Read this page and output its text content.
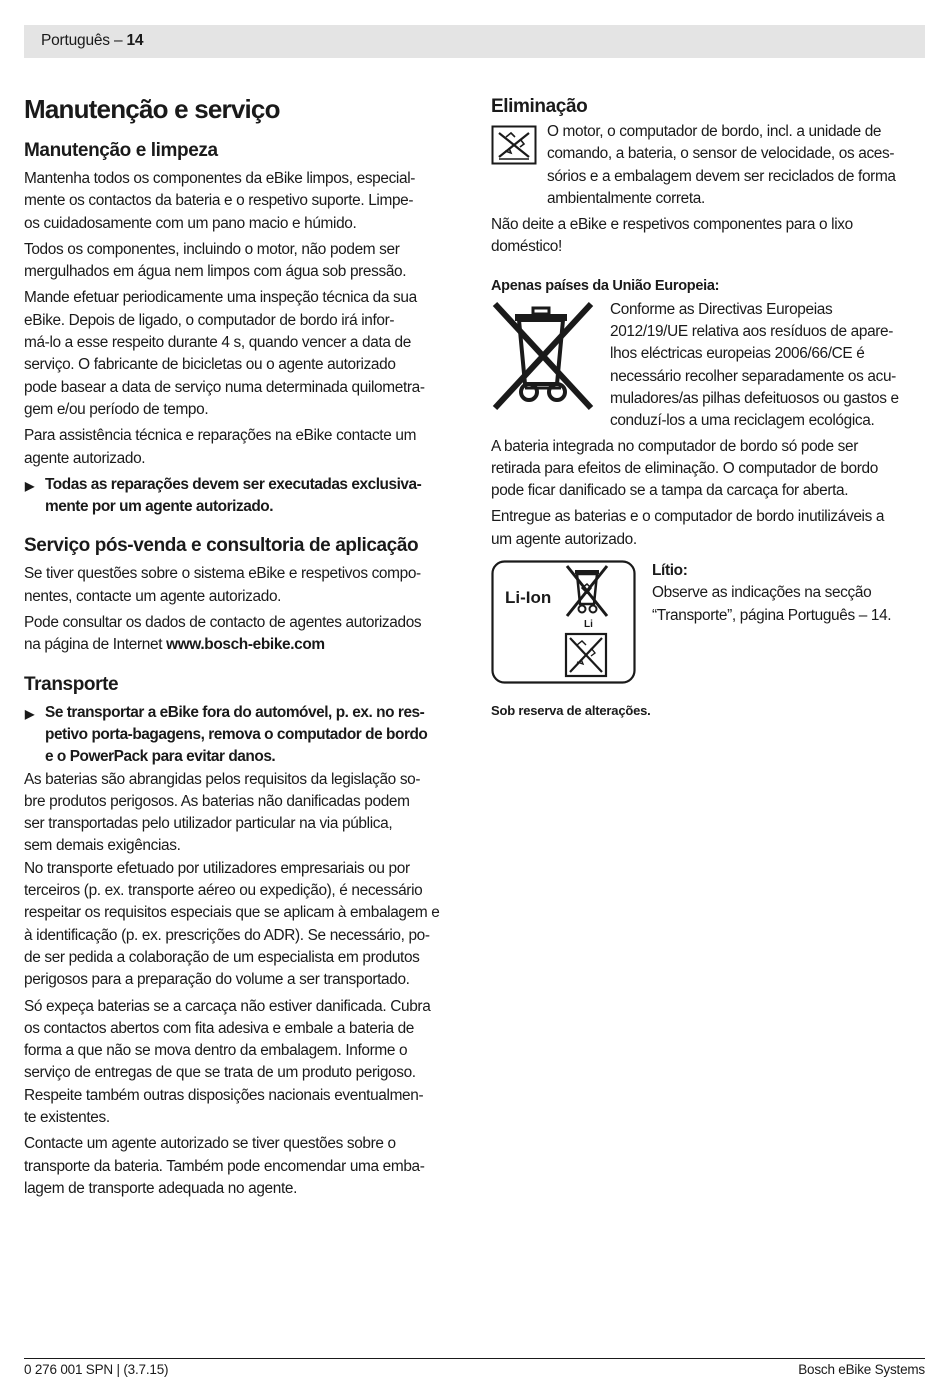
Português – 14
Manutenção e serviço
Manutenção e limpeza
Mantenha todos os componentes da eBike limpos, especial-
mente os contactos da bateria e o respetivo suporte. Limpe-
os cuidadosamente com um pano macio e húmido.
Todos os componentes, incluindo o motor, não podem ser
mergulhados em água nem limpos com água sob pressão.
Mande efetuar periodicamente uma inspeção técnica da sua
eBike. Depois de ligado, o computador de bordo irá infor-
má-lo a esse respeito durante 4 s, quando vencer a data de
serviço. O fabricante de bicicletas ou o agente autorizado
pode basear a data de serviço numa determinada quilometra-
gem e/ou período de tempo.
Para assistência técnica e reparações na eBike contacte um
agente autorizado.
▶ Todas as reparações devem ser executadas exclusiva-
mente por um agente autorizado.
Serviço pós-venda e consultoria de aplicação
Se tiver questões sobre o sistema eBike e respetivos compo-
nentes, contacte um agente autorizado.
Pode consultar os dados de contacto de agentes autorizados
na página de Internet www.bosch-ebike.com
Transporte
▶ Se transportar a eBike fora do automóvel, p. ex. no res-
petivo porta-bagagens, remova o computador de bordo
e o PowerPack para evitar danos.
As baterias são abrangidas pelos requisitos da legislação so-
bre produtos perigosos. As baterias não danificadas podem
ser transportadas pelo utilizador particular na via pública,
sem demais exigências.
No transporte efetuado por utilizadores empresariais ou por
terceiros (p. ex. transporte aéreo ou expedição), é necessário
respeitar os requisitos especiais que se aplicam à embalagem e
à identificação (p. ex. prescrições do ADR). Se necessário, po-
de ser pedida a colaboração de um especialista em produtos
perigosos para a preparação do volume a ser transportado.
Só expeça baterias se a carcaça não estiver danificada. Cubra
os contactos abertos com fita adesiva e embale a bateria de
forma a que não se mova dentro da embalagem. Informe o
serviço de entregas de que se trata de um produto perigoso.
Respeite também outras disposições nacionais eventualmen-
te existentes.
Contacte um agente autorizado se tiver questões sobre o
transporte da bateria. Também pode encomendar uma emba-
lagem de transporte adequada no agente.
Eliminação
O motor, o computador de bordo, incl. a unidade de
comando, a bateria, o sensor de velocidade, os aces-
sórios e a embalagem devem ser reciclados de forma
ambientalmente correta.
Não deite a eBike e respetivos componentes para o lixo
doméstico!
Apenas países da União Europeia:
Conforme as Directivas Europeias
2012/19/UE relativa aos resíduos de apare-
lhos eléctricas europeias 2006/66/CE é
necessário recolher separadamente os acu-
muladores/as pilhas defeituosos ou gastos e
conduzí-los a uma reciclagem ecológica.
A bateria integrada no computador de bordo só pode ser
retirada para efeitos de eliminação. O computador de bordo
pode ficar danificado se a tampa da carcaça for aberta.
Entregue as baterias e o computador de bordo inutilizáveis a
um agente autorizado.
Li-Ion
Li
Lítio:
Observe as indicações na secção
“Transporte”, página Português – 14.
Sob reserva de alterações.
0 276 001 SPN | (3.7.15)	Bosch eBike Systems
